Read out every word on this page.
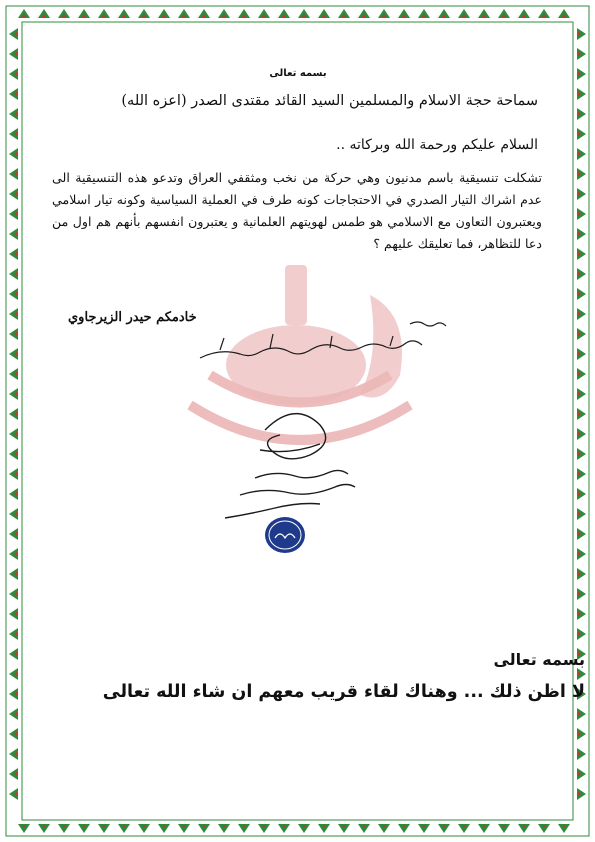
بسمه تعالى
سماحة حجة الاسلام والمسلمين السيد القائد مقتدى الصدر (اعزه الله)
السلام عليكم ورحمة الله وبركاته ..
تشكلت تنسيقية باسم مدنيون وهي حركة من نخب ومثقفي العراق وتدعو هذه التنسيقية الى عدم اشراك التيار الصدري في الاحتجاجات كونه طرف في العملية السياسية وكونه تيار اسلامي ويعتبرون التعاون مع الاسلامي هو طمس لهويتهم العلمانية و يعتبرون انفسهم بأنهم هم اول من دعا للتظاهر، فما تعليقك عليهم ؟
خادمكم حيدر الزيرجاوي
بسمه تعالى
لا اظن ذلك ... وهناك لقاء قريب معهم ان شاء الله تعالى
